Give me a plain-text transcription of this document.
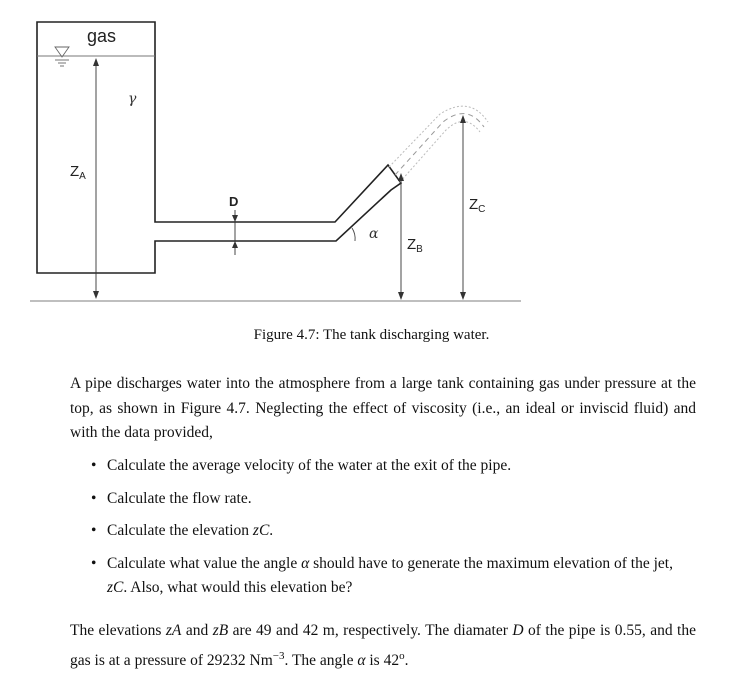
gas
γ
$Z_A$
D
α
$Z_B$
$Z_C$
Figure 4.7: The tank discharging water.
A pipe discharges water into the atmosphere from a large tank containing gas under pressure at the top, as shown in Figure 4.7. Neglecting the effect of viscosity (i.e., an ideal or inviscid fluid) and with the data provided,
• Calculate the average velocity of the water at the exit of the pipe.
• Calculate the flow rate.
• Calculate the elevation zC.
• Calculate what value the angle α should have to generate the maximum elevation of the jet, zC. Also, what would this elevation be?
The elevations zA and zB are 49 and 42 m, respectively. The diamater D of the pipe is 0.55, and the gas is at a pressure of 29232 $Nm^{-3}$. The angle α is 42$^o$.
